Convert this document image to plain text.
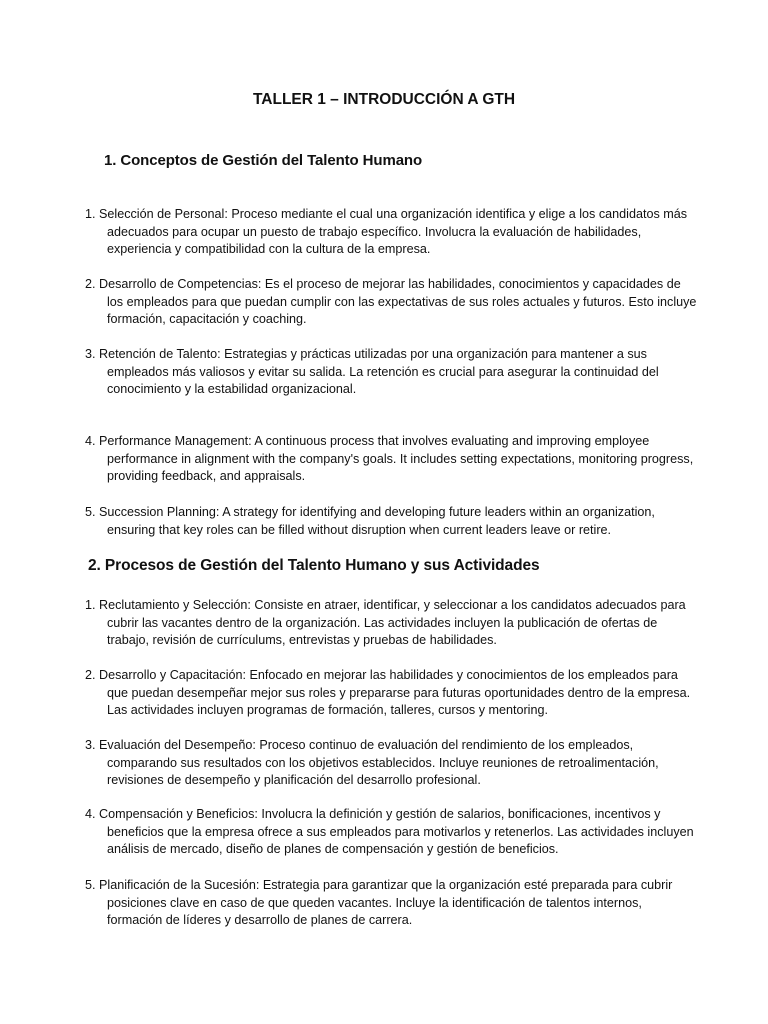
TALLER 1 – INTRODUCCIÓN A GTH
1. Conceptos de Gestión del Talento Humano

1. Selección de Personal: Proceso mediante el cual una organización identifica y elige a los candidatos más adecuados para ocupar un puesto de trabajo específico. Involucra la evaluación de habilidades, experiencia y compatibilidad con la cultura de la empresa.

2. Desarrollo de Competencias: Es el proceso de mejorar las habilidades, conocimientos y capacidades de los empleados para que puedan cumplir con las expectativas de sus roles actuales y futuros. Esto incluye formación, capacitación y coaching.

3. Retención de Talento: Estrategias y prácticas utilizadas por una organización para mantener a sus empleados más valiosos y evitar su salida. La retención es crucial para asegurar la continuidad del conocimiento y la estabilidad organizacional.

4. Performance Management: A continuous process that involves evaluating and improving employee performance in alignment with the company's goals. It includes setting expectations, monitoring progress, providing feedback, and appraisals.

5. Succession Planning: A strategy for identifying and developing future leaders within an organization, ensuring that key roles can be filled without disruption when current leaders leave or retire.

2. Procesos de Gestión del Talento Humano y sus Actividades

1. Reclutamiento y Selección: Consiste en atraer, identificar, y seleccionar a los candidatos adecuados para cubrir las vacantes dentro de la organización. Las actividades incluyen la publicación de ofertas de trabajo, revisión de currículums, entrevistas y pruebas de habilidades.

2. Desarrollo y Capacitación: Enfocado en mejorar las habilidades y conocimientos de los empleados para que puedan desempeñar mejor sus roles y prepararse para futuras oportunidades dentro de la empresa. Las actividades incluyen programas de formación, talleres, cursos y mentoring.

3. Evaluación del Desempeño: Proceso continuo de evaluación del rendimiento de los empleados, comparando sus resultados con los objetivos establecidos. Incluye reuniones de retroalimentación, revisiones de desempeño y planificación del desarrollo profesional.

4. Compensación y Beneficios: Involucra la definición y gestión de salarios, bonificaciones, incentivos y beneficios que la empresa ofrece a sus empleados para motivarlos y retenerlos. Las actividades incluyen análisis de mercado, diseño de planes de compensación y gestión de beneficios.

5. Planificación de la Sucesión: Estrategia para garantizar que la organización esté preparada para cubrir posiciones clave en caso de que queden vacantes. Incluye la identificación de talentos internos, formación de líderes y desarrollo de planes de carrera.
